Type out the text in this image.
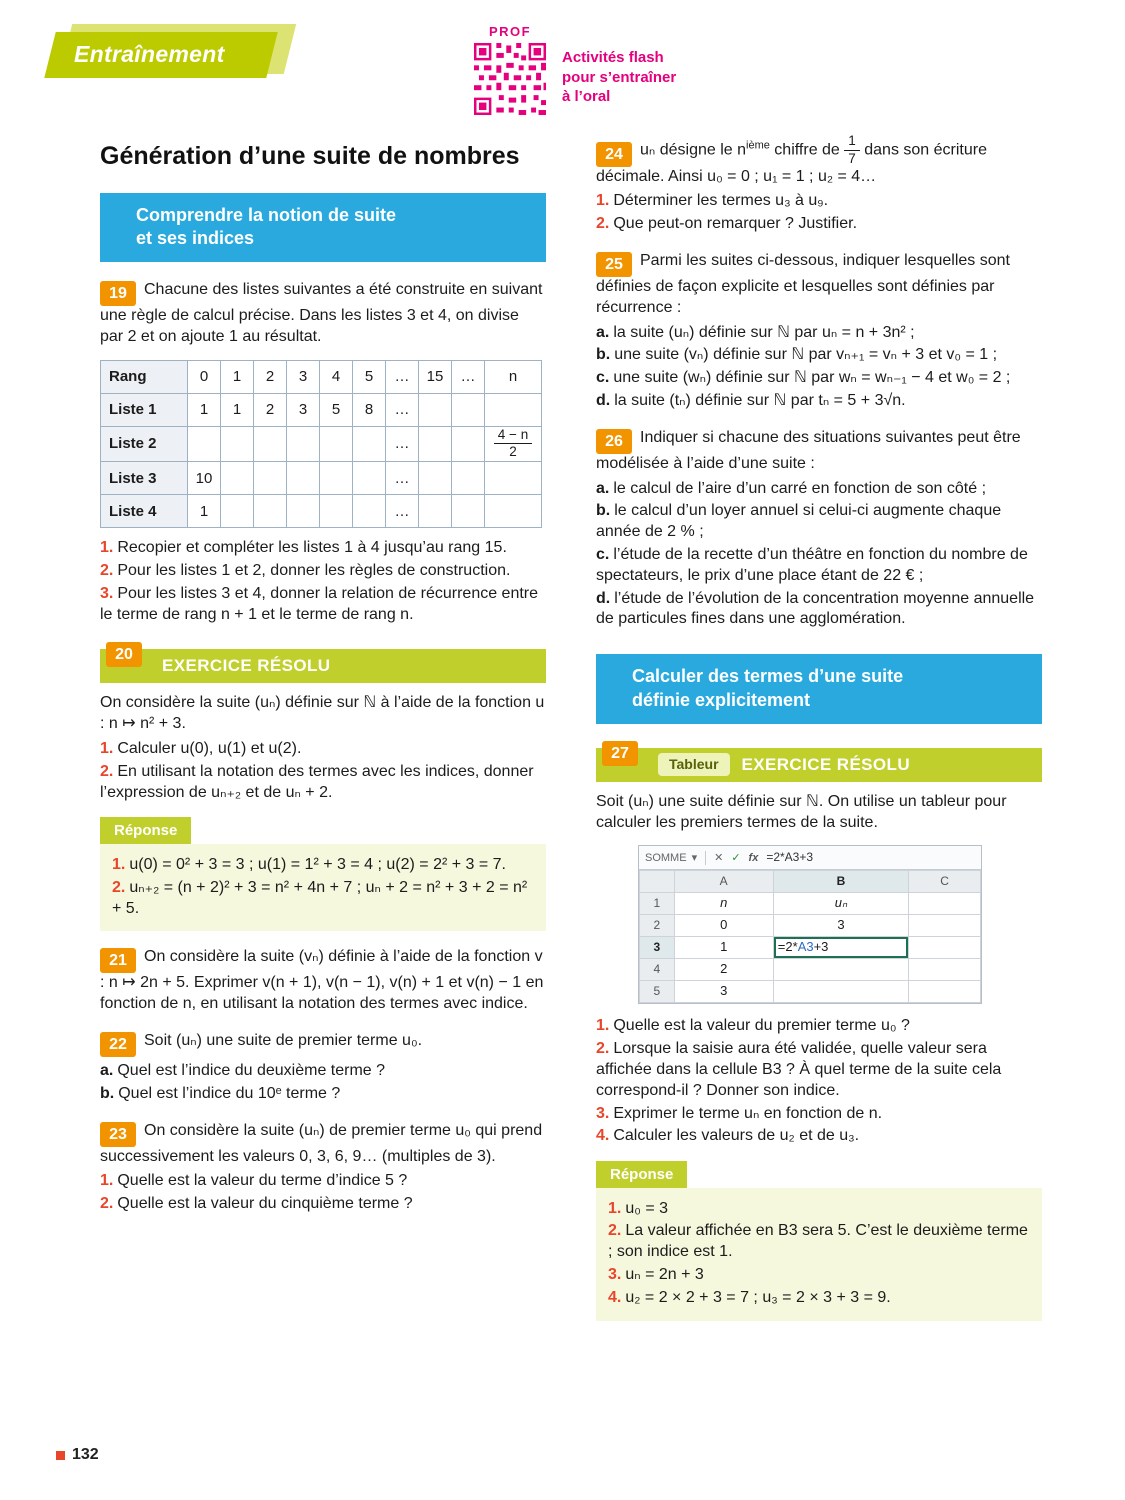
Entraînement
PROF
Activités flash
pour s’entraîner
à l’oral
Génération d’une suite de nombres
Comprendre la notion de suite
et ses indices

19 Chacune des listes suivantes a été construite en suivant une règle de calcul précise. Dans les listes 3 et 4, on divise par 2 et on ajoute 1 au résultat.

Rang	0	1	2	3	4	5	…	15	…	n
Liste 1	1	1	2	3	5	8	…			
Liste 2							…			$\frac{4 - n}{2}$

Liste 3	10						…			
Liste 4	1						…			

1. Recopier et compléter les listes 1 à 4 jusqu’au rang 15.

2. Pour les listes 1 et 2, donner les règles de construction.

3. Pour les listes 3 et 4, donner la relation de récurrence entre le terme de rang n + 1 et le terme de rang n.

EXERCICE RÉSOLU
20

On considère la suite (uₙ) définie sur ℕ à l’aide de la fonction u : n ↦ n² + 3.

1. Calculer u(0), u(1) et u(2).

2. En utilisant la notation des termes avec les indices, donner l’expression de uₙ₊₂ et de uₙ + 2.

Réponse

1. u(0) = 0² + 3 = 3 ; u(1) = 1² + 3 = 4 ; u(2) = 2² + 3 = 7.

2. uₙ₊₂ = (n + 2)² + 3 = n² + 4n + 7 ; uₙ + 2 = n² + 3 + 2 = n² + 5.

21 On considère la suite (vₙ) définie à l’aide de la fonction v : n ↦ 2n + 5. Exprimer v(n + 1), v(n − 1), v(n) + 1 et v(n) − 1 en fonction de n, en utilisant la notation des termes avec indice.

22 Soit (uₙ) une suite de premier terme u₀.

a. Quel est l’indice du deuxième terme ?

b. Quel est l’indice du 10ᵉ terme ?

23 On considère la suite (uₙ) de premier terme u₀ qui prend successivement les valeurs 0, 3, 6, 9… (multiples de 3).

1. Quelle est la valeur du terme d’indice 5 ?

2. Quelle est la valeur du cinquième terme ?

24 uₙ désigne le $n^{ième}$ chiffre de $\frac{1}{7}$ dans son écriture décimale. Ainsi u₀ = 0 ; u₁ = 1 ; u₂ = 4…

1. Déterminer les termes u₃ à u₉.

2. Que peut-on remarquer ? Justifier.

25 Parmi les suites ci-dessous, indiquer lesquelles sont définies de façon explicite et lesquelles sont définies par récurrence :

a. la suite (uₙ) définie sur ℕ par uₙ = n + 3n² ;

b. une suite (vₙ) définie sur ℕ par vₙ₊₁ = vₙ + 3 et v₀ = 1 ;

c. une suite (wₙ) définie sur ℕ par wₙ = wₙ₋₁ − 4 et w₀ = 2 ;

d. la suite (tₙ) définie sur ℕ par tₙ = 5 + 3√n.

26 Indiquer si chacune des situations suivantes peut être modélisée à l’aide d’une suite :

a. le calcul de l’aire d’un carré en fonction de son côté ;

b. le calcul d’un loyer annuel si celui-ci augmente chaque année de 2 % ;

c. l’étude de la recette d’un théâtre en fonction du nombre de spectateurs, le prix d’une place étant de 22 € ;

d. l’étude de l’évolution de la concentration moyenne annuelle de particules fines dans une agglomération.

Calculer des termes d’une suite
définie explicitement
Tableur	EXERCICE RÉSOLU
27

Soit (uₙ) une suite définie sur ℕ. On utilise un tableur pour calculer les premiers termes de la suite.

SOMME ▾ ✕ ✓ fx =2*A3+3
	A	B	C
1	n	uₙ	
2	0	3	
3	1	=2*A3+3	
4	2		
5	3		

1. Quelle est la valeur du premier terme u₀ ?

2. Lorsque la saisie aura été validée, quelle valeur sera affichée dans la cellule B3 ? À quel terme de la suite cela correspond-il ? Donner son indice.

3. Exprimer le terme uₙ en fonction de n.

4. Calculer les valeurs de u₂ et de u₃.

Réponse

1. u₀ = 3

2. La valeur affichée en B3 sera 5. C’est le deuxième terme ; son indice est 1.

3. uₙ = 2n + 3

4. u₂ = 2 × 2 + 3 = 7 ; u₃ = 2 × 3 + 3 = 9.

132
